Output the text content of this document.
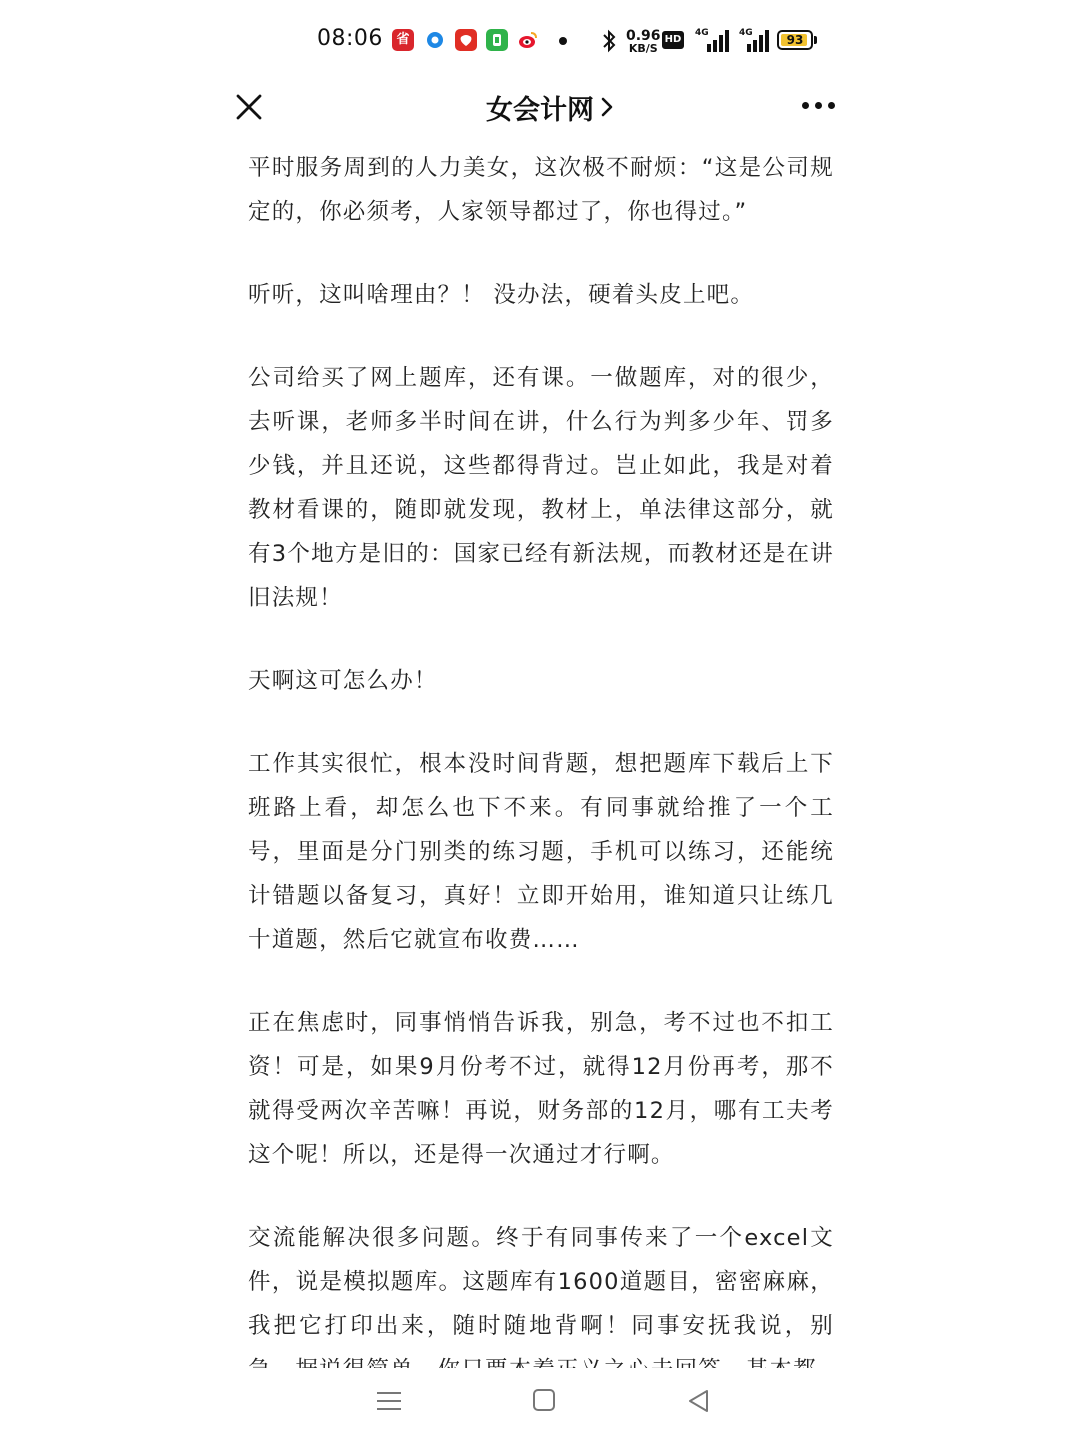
08:06	省	0.96
KB/S
HD
4G	4G	93
女会计网

平时服务周到的人力美女，这次极不耐烦：“这是公司规定的，你必须考，人家领导都过了，你也得过。”

听听，这叫啥理由？！ 没办法，硬着头皮上吧。

公司给买了网上题库，还有课。一做题库，对的很少，去听课，老师多半时间在讲，什么行为判多少年、罚多少钱，并且还说，这些都得背过。岂止如此，我是对着教材看课的，随即就发现，教材上，单法律这部分，就有3个地方是旧的：国家已经有新法规，而教材还是在讲旧法规！

天啊这可怎么办！

工作其实很忙，根本没时间背题，想把题库下载后上下班路上看，却怎么也下不来。有同事就给推了一个工号，里面是分门别类的练习题，手机可以练习，还能统计错题以备复习，真好！立即开始用，谁知道只让练几十道题，然后它就宣布收费……

正在焦虑时，同事悄悄告诉我，别急，考不过也不扣工资！可是，如果9月份考不过，就得12月份再考，那不就得受两次辛苦嘛！再说，财务部的12月，哪有工夫考这个呢！所以，还是得一次通过才行啊。

交流能解决很多问题。终于有同事传来了一个excel文件，说是模拟题库。这题库有1600道题目，密密麻麻，我把它打印出来，随时随地背啊！同事安抚我说，别
